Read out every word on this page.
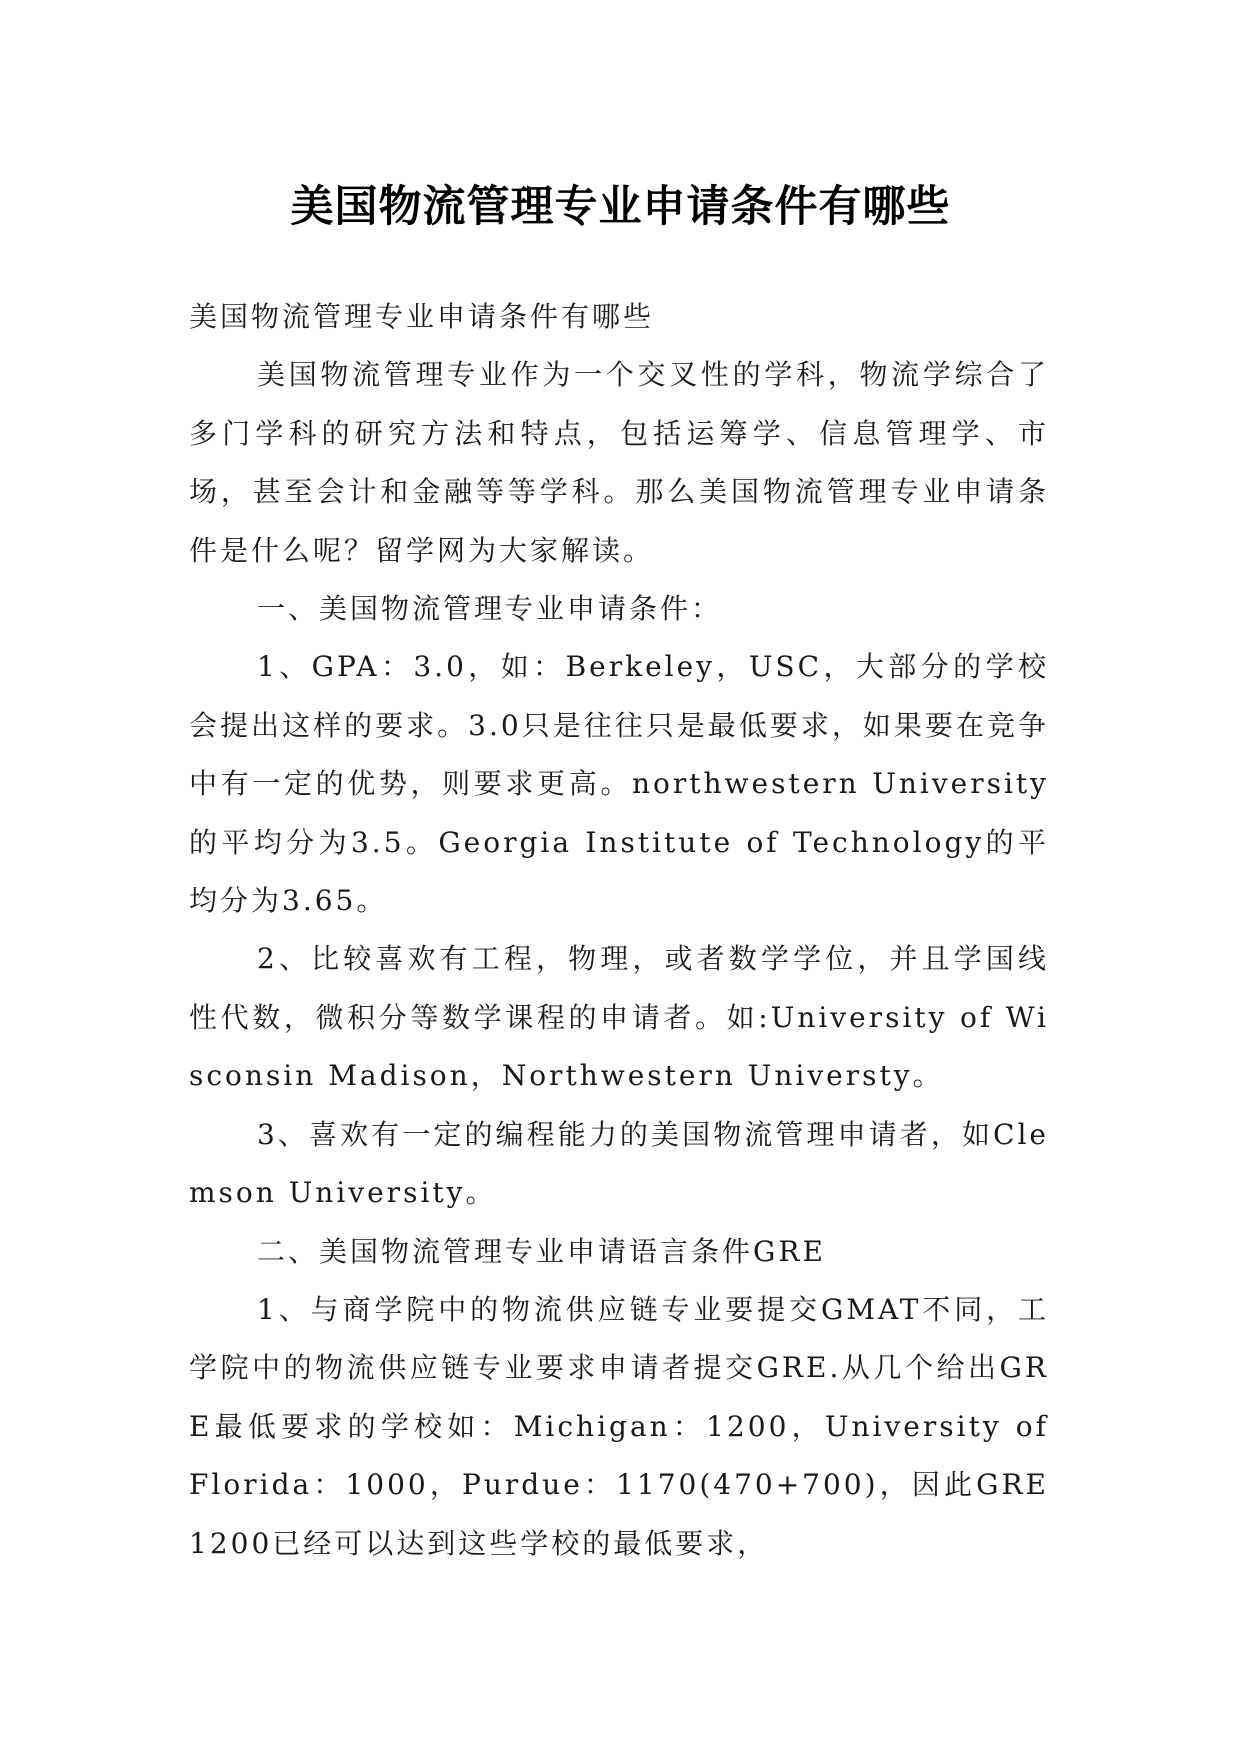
美国物流管理专业申请条件有哪些

美国物流管理专业申请条件有哪些

美国物流管理专业作为一个交叉性的学科，物流学综合了多门学科的研究方法和特点，包括运筹学、信息管理学、市场，甚至会计和金融等等学科。那么美国物流管理专业申请条件是什么呢？留学网为大家解读。

一、美国物流管理专业申请条件：

1、GPA：3.0，如：Berkeley，USC，大部分的学校会提出这样的要求。3.0只是往往只是最低要求，如果要在竞争中有一定的优势，则要求更高。northwestern University的平均分为3.5。Georgia Institute of Technology的平均分为3.65。

2、比较喜欢有工程，物理，或者数学学位，并且学国线性代数，微积分等数学课程的申请者。如:University of Wisconsin Madison，Northwestern Universty。

3、喜欢有一定的编程能力的美国物流管理申请者，如Clemson University。

二、美国物流管理专业申请语言条件GRE

1、与商学院中的物流供应链专业要提交GMAT不同，工学院中的物流供应链专业要求申请者提交GRE.从几个给出GRE最低要求的学校如：Michigan：1200，University of Florida：1000，Purdue：1170(470+700)，因此GRE1200已经可以达到这些学校的最低要求，
